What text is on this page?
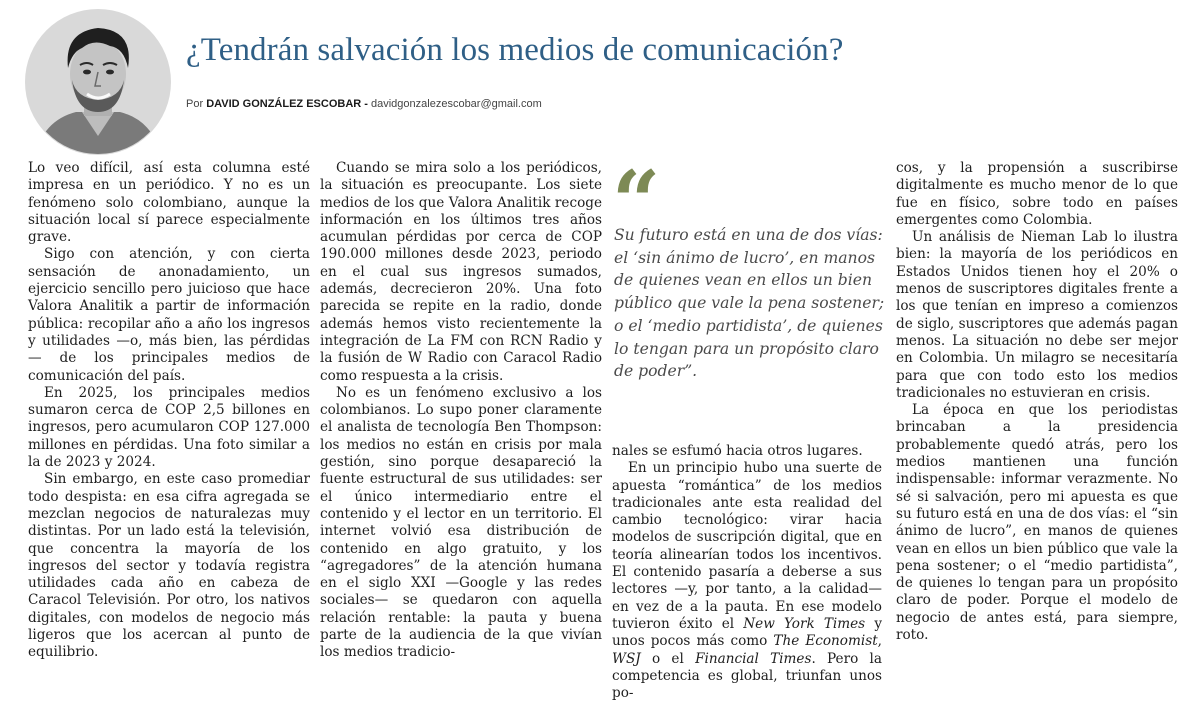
¿Tendrán salvación los medios de comunicación?
Por DAVID GONZÁLEZ ESCOBAR - davidgonzalezescobar@gmail.com

Lo veo difícil, así esta columna esté impresa en un periódico. Y no es un fenómeno solo colombiano, aunque la situación local sí parece especialmente grave.

Sigo con atención, y con cierta sensación de anonadamiento, un ejercicio sencillo pero juicioso que hace Valora Analitik a partir de información pública: recopilar año a año los ingresos y utilidades —o, más bien, las pérdidas— de los principales medios de comunicación del país.

En 2025, los principales medios sumaron cerca de COP 2,5 billones en ingresos, pero acumularon COP 127.000 millones en pérdidas. Una foto similar a la de 2023 y 2024.

Sin embargo, en este caso promediar todo despista: en esa cifra agregada se mezclan negocios de naturalezas muy distintas. Por un lado está la televisión, que concentra la mayoría de los ingresos del sector y todavía registra utilidades cada año en cabeza de Caracol Televisión. Por otro, los nativos digitales, con modelos de negocio más ligeros que los acercan al punto de equilibrio.

Cuando se mira solo a los periódicos, la situación es preocupante. Los siete medios de los que Valora Analitik recoge información en los últimos tres años acumulan pérdidas por cerca de COP 190.000 millones desde 2023, periodo en el cual sus ingresos sumados, además, decrecieron 20%. Una foto parecida se repite en la radio, donde además hemos visto recientemente la integración de La FM con RCN Radio y la fusión de W Radio con Caracol Radio como respuesta a la crisis.

No es un fenómeno exclusivo a los colombianos. Lo supo poner claramente el analista de tecnología Ben Thompson: los medios no están en crisis por mala gestión, sino porque desapareció la fuente estructural de sus utilidades: ser el único intermediario entre el contenido y el lector en un territorio. El internet volvió esa distribución de contenido en algo gratuito, y los “agregadores” de la atención humana en el siglo XXI —Google y las redes sociales— se quedaron con aquella relación rentable: la pauta y buena parte de la audiencia de la que vivían los medios tradicio-

“

Su futuro está en una de dos vías: el ‘sin ánimo de lucro’, en manos de quienes vean en ellos un bien público que vale la pena sostener; o el ‘medio partidista’, de quienes lo tengan para un propósito claro de poder”.

nales se esfumó hacia otros lugares.

En un principio hubo una suerte de apuesta “romántica” de los medios tradicionales ante esta realidad del cambio tecnológico: virar hacia modelos de suscripción digital, que en teoría alinearían todos los incentivos. El contenido pasaría a deberse a sus lectores —y, por tanto, a la calidad— en vez de a la pauta. En ese modelo tuvieron éxito el New York Times y unos pocos más como The Economist, WSJ o el Financial Times. Pero la competencia es global, triunfan unos po-

cos, y la propensión a suscribirse digitalmente es mucho menor de lo que fue en físico, sobre todo en países emergentes como Colombia.

Un análisis de Nieman Lab lo ilustra bien: la mayoría de los periódicos en Estados Unidos tienen hoy el 20% o menos de suscriptores digitales frente a los que tenían en impreso a comienzos de siglo, suscriptores que además pagan menos. La situación no debe ser mejor en Colombia. Un milagro se necesitaría para que con todo esto los medios tradicionales no estuvieran en crisis.

La época en que los periodistas brincaban a la presidencia probablemente quedó atrás, pero los medios mantienen una función indispensable: informar verazmente. No sé si salvación, pero mi apuesta es que su futuro está en una de dos vías: el “sin ánimo de lucro”, en manos de quienes vean en ellos un bien público que vale la pena sostener; o el “medio partidista”, de quienes lo tengan para un propósito claro de poder. Porque el modelo de negocio de antes está, para siempre, roto.
